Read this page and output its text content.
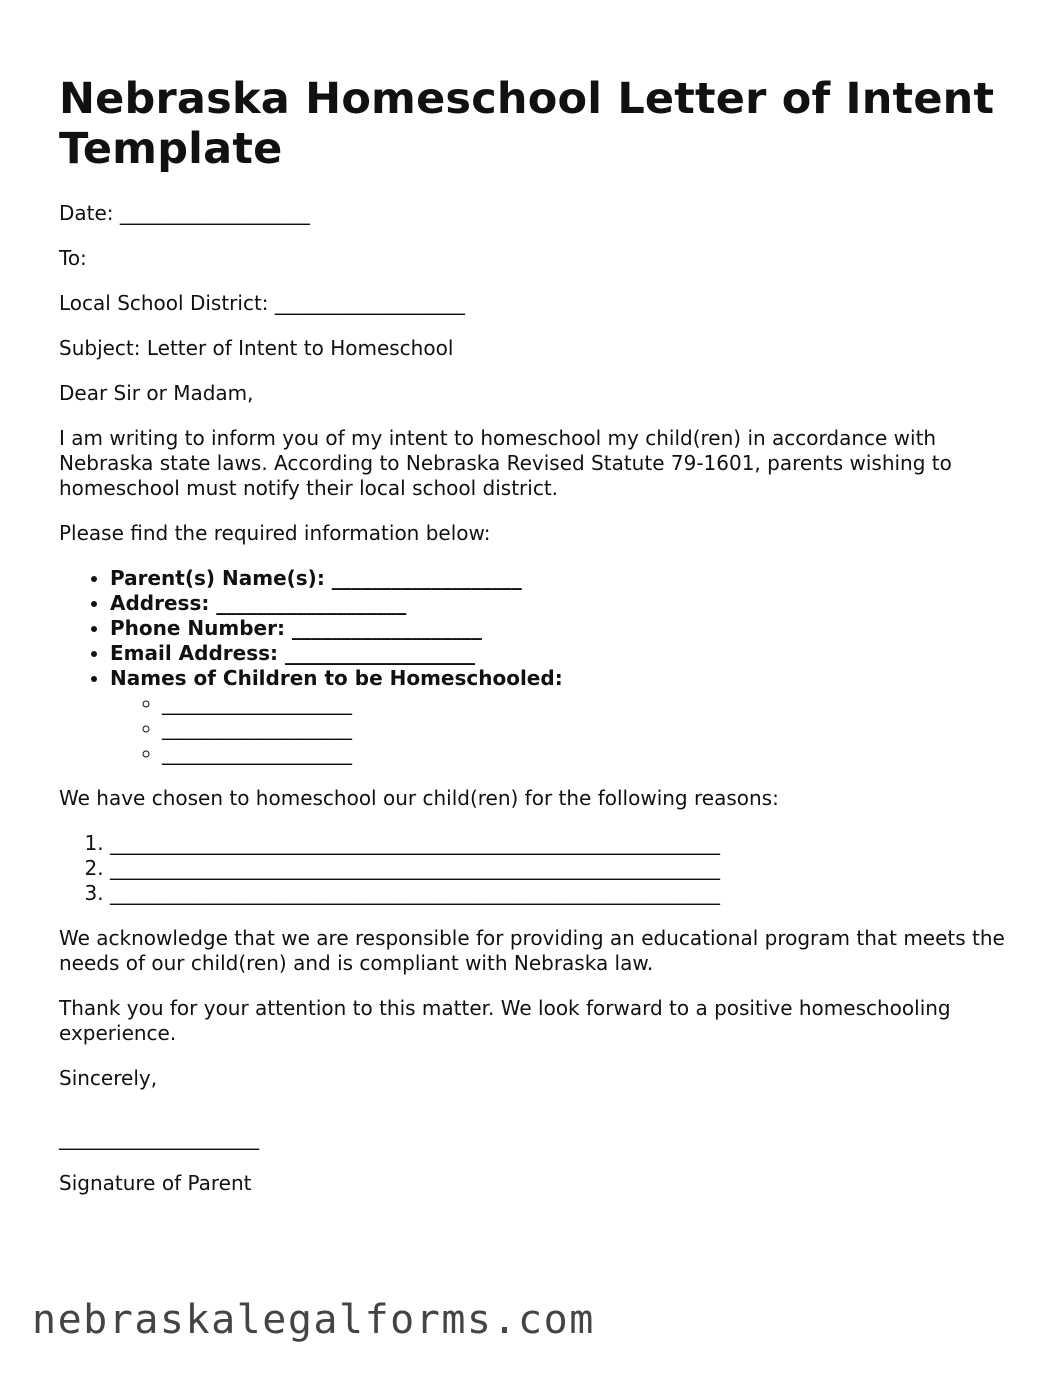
Nebraska Homeschool Letter of Intent Template

Date: ___________________

To:

Local School District: ___________________

Subject: Letter of Intent to Homeschool

Dear Sir or Madam,

I am writing to inform you of my intent to homeschool my child(ren) in accordance with Nebraska state laws. According to Nebraska Revised Statute 79-1601, parents wishing to homeschool must notify their local school district.

Please find the required information below:

• Parent(s) Name(s): ___________________
• Address: ___________________
• Phone Number: ___________________
• Email Address: ___________________
• Names of Children to be Homeschooled:
◦ ___________________
◦ ___________________
◦ ___________________

We have chosen to homeschool our child(ren) for the following reasons:

1. _____________________________________________________________
2. _____________________________________________________________
3. _____________________________________________________________

We acknowledge that we are responsible for providing an educational program that meets the needs of our child(ren) and is compliant with Nebraska law.

Thank you for your attention to this matter. We look forward to a positive homeschooling experience.

Sincerely,

____________________

Signature of Parent

nebraskalegalforms.com
